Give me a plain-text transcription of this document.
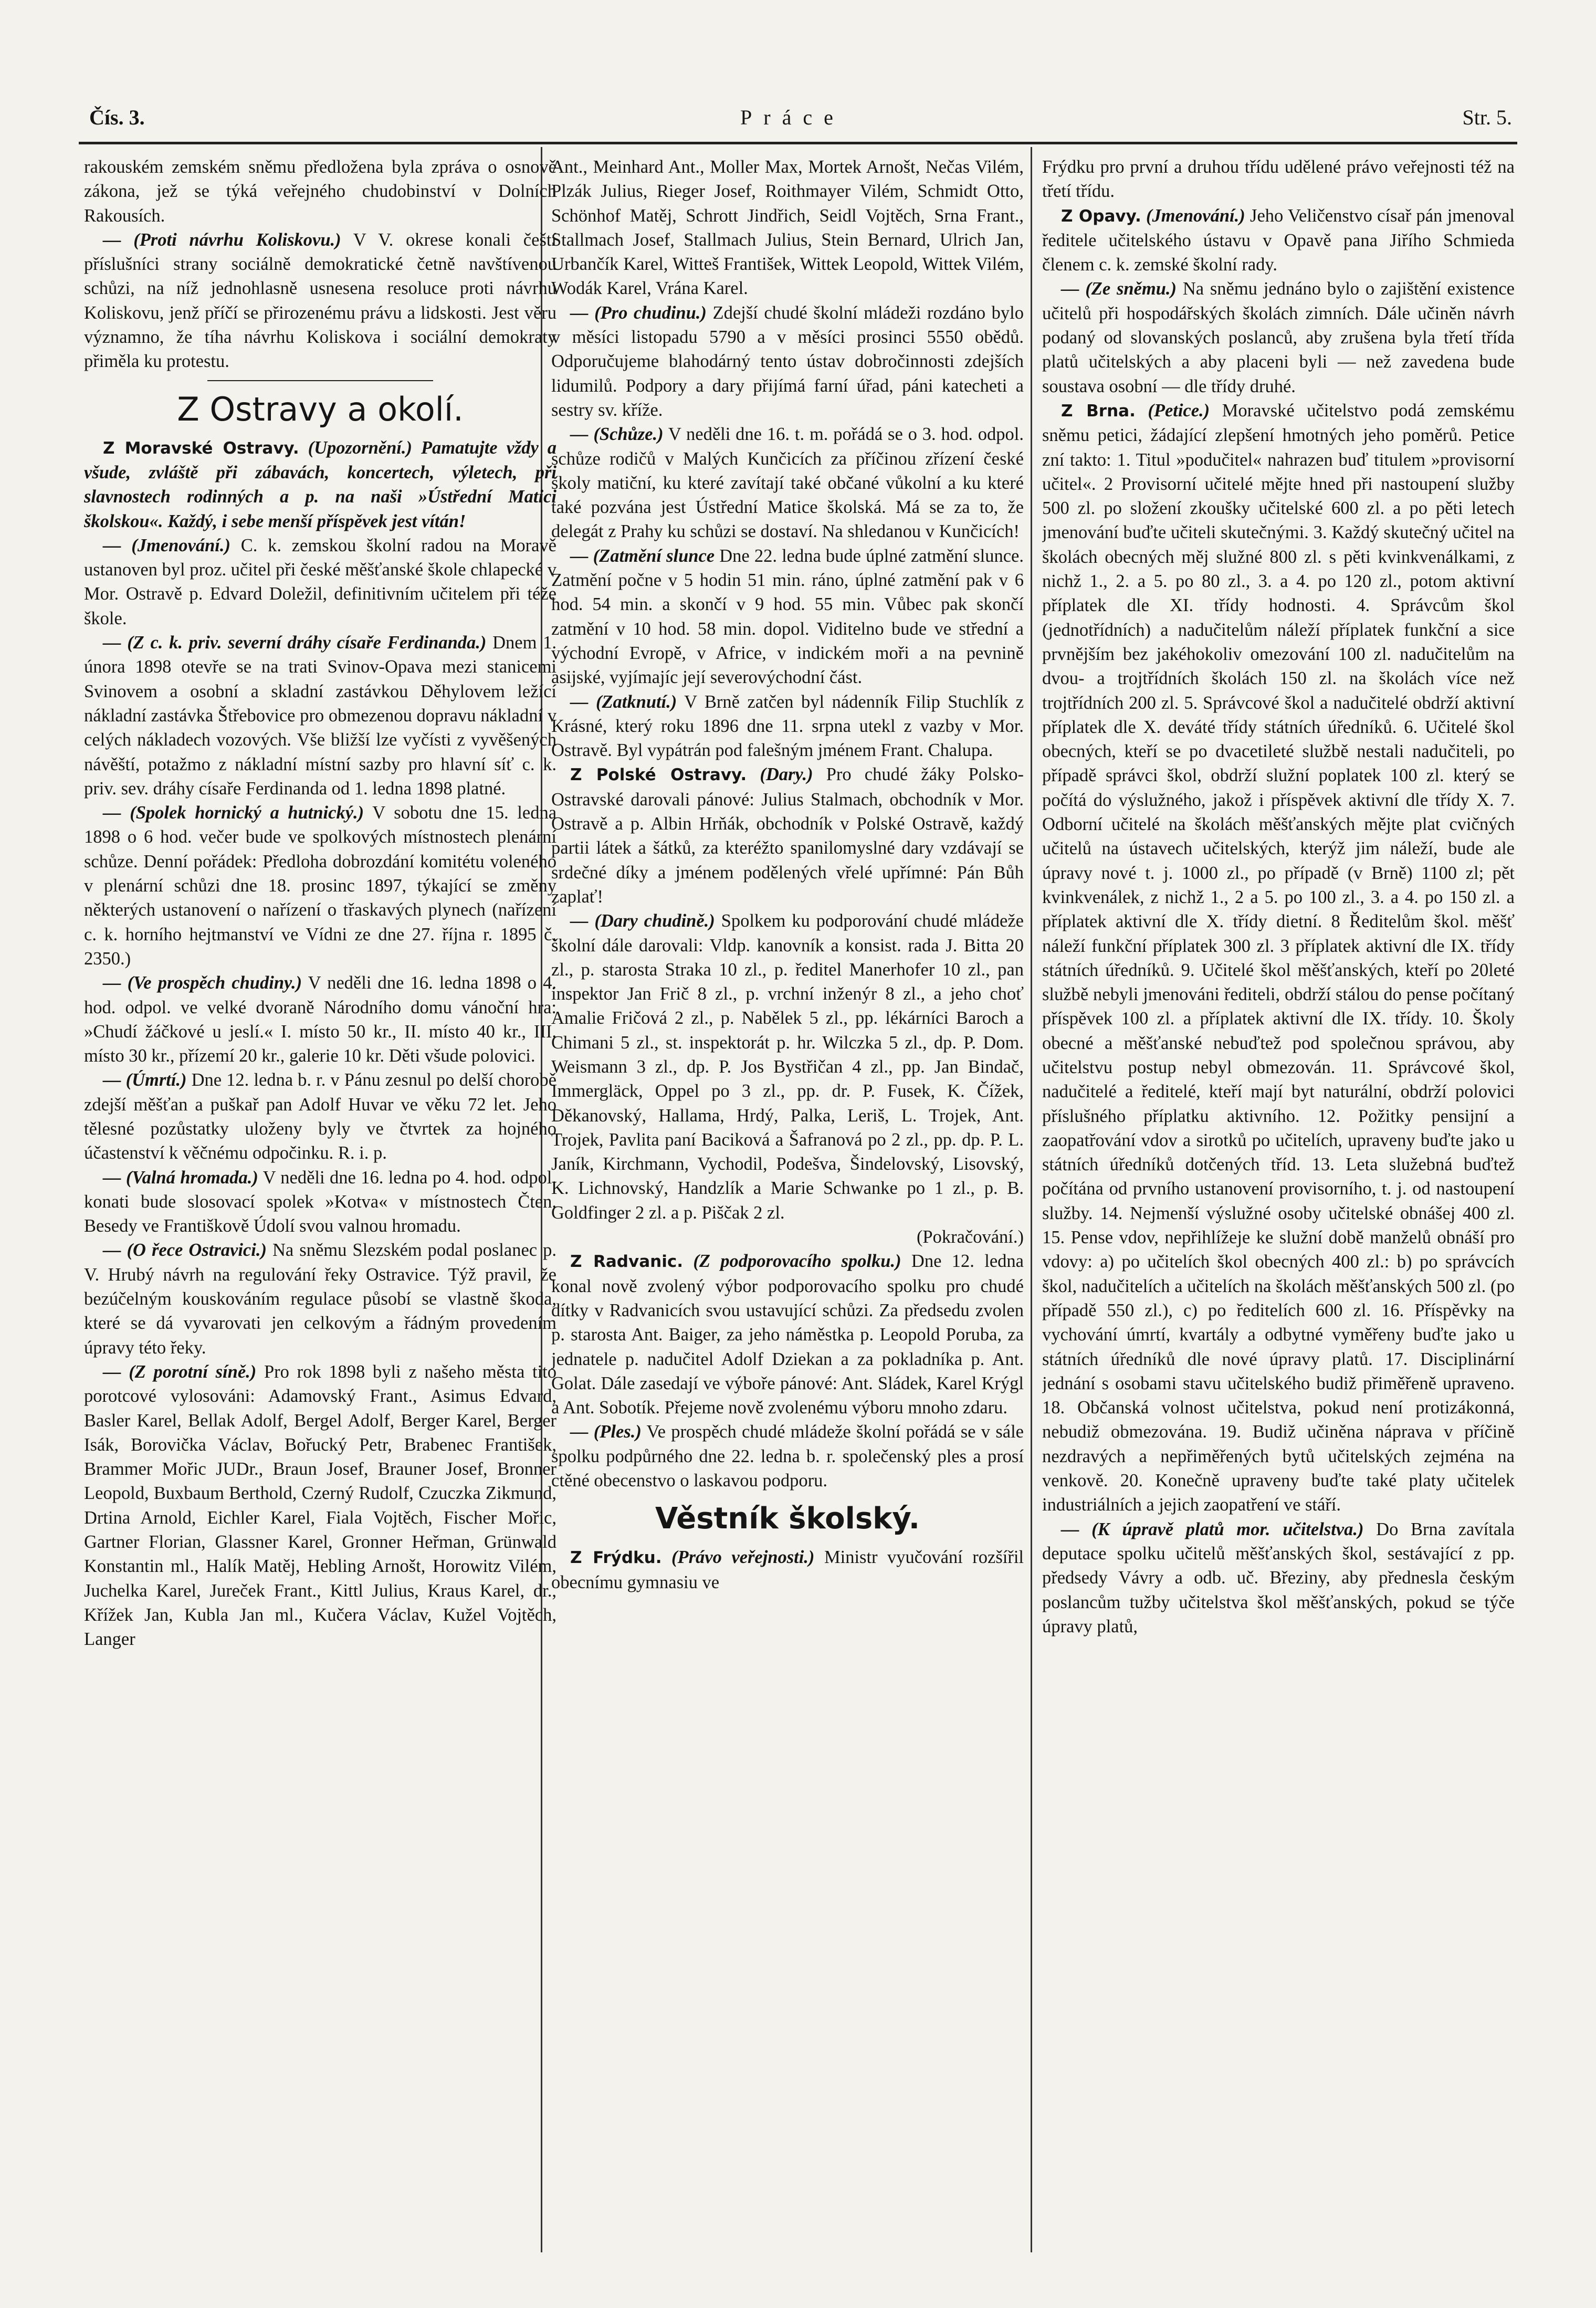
Čís. 3.	Práce	Str. 5.

rakouském zemském sněmu předložena byla zpráva o osnově zákona, jež se týká veřejného chudobinství v Dolních Rakousích.

— (Proti návrhu Koliskovu.) V V. okrese konali čeští příslušníci strany sociálně demokratické četně navštívenou schůzi, na níž jednohlasně usnesena resoluce proti návrhu Koliskovu, jenž příčí se přirozenému právu a lidskosti. Jest věru významno, že tíha návrhu Koliskova i sociální demokraty přiměla ku protestu.

Z Ostravy a okolí.

Z Moravské Ostravy. (Upozornění.) Pamatujte vždy a všude, zvláště při zábavách, koncertech, výletech, při slavnostech rodinných a p. na naši »Ústřední Matici školskou«. Každý, i sebe menší příspěvek jest vítán!

— (Jmenování.) C. k. zemskou školní radou na Moravě ustanoven byl proz. učitel při české měšťanské škole chlapecké v Mor. Ostravě p. Edvard Doležil, definitivním učitelem při téže škole.

— (Z c. k. priv. severní dráhy císaře Ferdinanda.) Dnem 1. února 1898 otevře se na trati Svinov-Opava mezi stanicemi Svinovem a osobní a skladní zastávkou Děhylovem ležící nákladní zastávka Štřebovice pro obmezenou dopravu nákladní v celých nákladech vozových. Vše bližší lze vyčísti z vyvěšených návěští, potažmo z nákladní místní sazby pro hlavní síť c. k. priv. sev. dráhy císaře Ferdinanda od 1. ledna 1898 platné.

— (Spolek hornický a hutnický.) V sobotu dne 15. ledna 1898 o 6 hod. večer bude ve spolkových místnostech plenární schůze. Denní pořádek: Předloha dobrozdání komitétu voleného v plenární schůzi dne 18. prosinc 1897, týkající se změny některých ustanovení o nařízení o třaskavých plynech (nařízení c. k. horního hejtmanství ve Vídni ze dne 27. října r. 1895 č. 2350.)

— (Ve prospěch chudiny.) V neděli dne 16. ledna 1898 o 4. hod. odpol. ve velké dvoraně Národního domu vánoční hra: »Chudí žáčkové u jeslí.« I. místo 50 kr., II. místo 40 kr., III. místo 30 kr., přízemí 20 kr., galerie 10 kr. Děti všude polovici.

— (Úmrtí.) Dne 12. ledna b. r. v Pánu zesnul po delší chorobě zdejší měšťan a puškař pan Adolf Huvar ve věku 72 let. Jeho tělesné pozůstatky uloženy byly ve čtvrtek za hojného účastenství k věčnému odpočinku. R. i. p.

— (Valná hromada.) V neděli dne 16. ledna po 4. hod. odpol. konati bude slosovací spolek »Kotva« v místnostech Čten. Besedy ve Františkově Údolí svou valnou hromadu.

— (O řece Ostravici.) Na sněmu Slezském podal poslanec p. V. Hrubý návrh na regulování řeky Ostravice. Týž pravil, že bezúčelným kouskováním regulace působí se vlastně škoda, které se dá vyvarovati jen celkovým a řádným provedením úpravy této řeky.

— (Z porotní síně.) Pro rok 1898 byli z našeho města tito porotcové vylosováni: Adamovský Frant., Asimus Edvard, Basler Karel, Bellak Adolf, Bergel Adolf, Berger Karel, Berger Isák, Borovička Václav, Bořucký Petr, Brabenec František, Brammer Mořic JUDr., Braun Josef, Brauner Josef, Bronner Leopold, Buxbaum Berthold, Czerný Rudolf, Czuczka Zikmund, Drtina Arnold, Eichler Karel, Fiala Vojtěch, Fischer Mořic, Gartner Florian, Glassner Karel, Gronner Heřman, Grünwald Konstantin ml., Halík Matěj, Hebling Arnošt, Horowitz Vilém, Juchelka Karel, Jureček Frant., Kittl Julius, Kraus Karel, dr., Křížek Jan, Kubla Jan ml., Kučera Václav, Kužel Vojtěch, Langer

Ant., Meinhard Ant., Moller Max, Mortek Arnošt, Nečas Vilém, Plzák Julius, Rieger Josef, Roithmayer Vilém, Schmidt Otto, Schönhof Matěj, Schrott Jindřich, Seidl Vojtěch, Srna Frant., Stallmach Josef, Stallmach Julius, Stein Bernard, Ulrich Jan, Urbančík Karel, Witteš František, Wittek Leopold, Wittek Vilém, Wodák Karel, Vrána Karel.

— (Pro chudinu.) Zdejší chudé školní mládeži rozdáno bylo v měsíci listopadu 5790 a v měsíci prosinci 5550 obědů. Odporučujeme blahodárný tento ústav dobročinnosti zdejších lidumilů. Podpory a dary přijímá farní úřad, páni katecheti a sestry sv. kříže.

— (Schůze.) V neděli dne 16. t. m. pořádá se o 3. hod. odpol. schůze rodičů v Malých Kunčicích za příčinou zřízení české školy matiční, ku které zavítají také občané vůkolní a ku které také pozvána jest Ústřední Matice školská. Má se za to, že delegát z Prahy ku schůzi se dostaví. Na shledanou v Kunčicích!

— (Zatmění slunce Dne 22. ledna bude úplné zatmění slunce. Zatmění počne v 5 hodin 51 min. ráno, úplné zatmění pak v 6 hod. 54 min. a skončí v 9 hod. 55 min. Vůbec pak skončí zatmění v 10 hod. 58 min. dopol. Viditelno bude ve střední a východní Evropě, v Africe, v indickém moři a na pevnině asijské, vyjímajíc její severovýchodní část.

— (Zatknutí.) V Brně zatčen byl nádenník Filip Stuchlík z Krásné, který roku 1896 dne 11. srpna utekl z vazby v Mor. Ostravě. Byl vypátrán pod falešným jménem Frant. Chalupa.

Z Polské Ostravy. (Dary.) Pro chudé žáky Polsko-Ostravské darovali pánové: Julius Stalmach, obchodník v Mor. Ostravě a p. Albin Hrňák, obchodník v Polské Ostravě, každý partii látek a šátků, za kteréžto spanilomyslné dary vzdávají se srdečné díky a jménem podělených vřelé upřímné: Pán Bůh zaplať!

— (Dary chudině.) Spolkem ku podporování chudé mládeže školní dále darovali: Vldp. kanovník a konsist. rada J. Bitta 20 zl., p. starosta Straka 10 zl., p. ředitel Manerhofer 10 zl., pan inspektor Jan Frič 8 zl., p. vrchní inženýr 8 zl., a jeho choť Amalie Fričová 2 zl., p. Nabělek 5 zl., pp. lékárníci Baroch a Chimani 5 zl., st. inspektorát p. hr. Wilczka 5 zl., dp. P. Dom. Weismann 3 zl., dp. P. Jos Bystřičan 4 zl., pp. Jan Bindač, Immergläck, Oppel po 3 zl., pp. dr. P. Fusek, K. Čížek, Děkanovský, Hallama, Hrdý, Palka, Leriš, L. Trojek, Ant. Trojek, Pavlita paní Baciková a Šafranová po 2 zl., pp. dp. P. L. Janík, Kirchmann, Vychodil, Podešva, Šindelovský, Lisovský, K. Lichnovský, Handzlík a Marie Schwanke po 1 zl., p. B. Goldfinger 2 zl. a p. Piščak 2 zl.

(Pokračování.)

Z Radvanic. (Z podporovacího spolku.) Dne 12. ledna konal nově zvolený výbor podporovacího spolku pro chudé dítky v Radvanicích svou ustavující schůzi. Za předsedu zvolen p. starosta Ant. Baiger, za jeho náměstka p. Leopold Poruba, za jednatele p. nadučitel Adolf Dziekan a za pokladníka p. Ant. Golat. Dále zasedají ve výboře pánové: Ant. Sládek, Karel Krýgl a Ant. Sobotík. Přejeme nově zvolenému výboru mnoho zdaru.

— (Ples.) Ve prospěch chudé mládeže školní pořádá se v sále spolku podpůrného dne 22. ledna b. r. společenský ples a prosí ctěné obecenstvo o laskavou podporu.

Věstník školský.

Z Frýdku. (Právo veřejnosti.) Ministr vyučování rozšířil obecnímu gymnasiu ve

Frýdku pro první a druhou třídu udělené právo veřejnosti též na třetí třídu.

Z Opavy. (Jmenování.) Jeho Veličenstvo císař pán jmenoval ředitele učitelského ústavu v Opavě pana Jiřího Schmieda členem c. k. zemské školní rady.

— (Ze sněmu.) Na sněmu jednáno bylo o zajištění existence učitelů při hospodářských školách zimních. Dále učiněn návrh podaný od slovanských poslanců, aby zrušena byla třetí třída platů učitelských a aby placeni byli — než zavedena bude soustava osobní — dle třídy druhé.

Z Brna. (Petice.) Moravské učitelstvo podá zemskému sněmu petici, žádající zlepšení hmotných jeho poměrů. Petice zní takto: 1. Titul »podučitel« nahrazen buď titulem »provisorní učitel«. 2 Provisorní učitelé mějte hned při nastoupení služby 500 zl. po složení zkoušky učitelské 600 zl. a po pěti letech jmenování buďte učiteli skutečnými. 3. Každý skutečný učitel na školách obecných měj služné 800 zl. s pěti kvinkvenálkami, z nichž 1., 2. a 5. po 80 zl., 3. a 4. po 120 zl., potom aktivní příplatek dle XI. třídy hodnosti. 4. Správcům škol (jednotřídních) a nadučitelům náleží příplatek funkční a sice prvnějším bez jakéhokoliv omezování 100 zl. nadučitelům na dvou- a trojtřídních školách 150 zl. na školách více než trojtřídních 200 zl. 5. Správcové škol a nadučitelé obdrží aktivní příplatek dle X. deváté třídy státních úředníků. 6. Učitelé škol obecných, kteří se po dvacetileté službě nestali nadučiteli, po případě správci škol, obdrží služní poplatek 100 zl. který se počítá do výslužného, jakož i příspěvek aktivní dle třídy X. 7. Odborní učitelé na školách měšťanských mějte plat cvičných učitelů na ústavech učitelských, kterýž jim náleží, bude ale úpravy nové t. j. 1000 zl., po případě (v Brně) 1100 zl; pět kvinkvenálek, z nichž 1., 2 a 5. po 100 zl., 3. a 4. po 150 zl. a příplatek aktivní dle X. třídy dietní. 8 Ředitelům škol. měšť náleží funkční příplatek 300 zl. 3 příplatek aktivní dle IX. třídy státních úředníků. 9. Učitelé škol měšťanských, kteří po 20leté službě nebyli jmenováni řediteli, obdrží stálou do pense počítaný příspěvek 100 zl. a příplatek aktivní dle IX. třídy. 10. Školy obecné a měšťanské nebuďtež pod společnou správou, aby učitelstvu postup nebyl obmezován. 11. Správcové škol, nadučitelé a ředitelé, kteří mají byt naturální, obdrží polovici příslušného příplatku aktivního. 12. Požitky pensijní a zaopatřování vdov a sirotků po učitelích, upraveny buďte jako u státních úředníků dotčených tříd. 13. Leta služebná buďtež počítána od prvního ustanovení provisorního, t. j. od nastoupení služby. 14. Nejmenší výslužné osoby učitelské obnášej 400 zl. 15. Pense vdov, nepřihlížeje ke služní době manželů obnáší pro vdovy: a) po učitelích škol obecných 400 zl.: b) po správcích škol, nadučitelích a učitelích na školách měšťanských 500 zl. (po případě 550 zl.), c) po ředitelích 600 zl. 16. Příspěvky na vychování úmrtí, kvartály a odbytné vyměřeny buďte jako u státních úředníků dle nové úpravy platů. 17. Disciplinární jednání s osobami stavu učitelského budiž přiměřeně upraveno. 18. Občanská volnost učitelstva, pokud není protizákonná, nebudiž obmezována. 19. Budiž učiněna náprava v příčině nezdravých a nepřiměřených bytů učitelských zejména na venkově. 20. Konečně upraveny buďte také platy učitelek industriálních a jejich zaopatření ve stáří.

— (K úpravě platů mor. učitelstva.) Do Brna zavítala deputace spolku učitelů měšťanských škol, sestávající z pp. předsedy Vávry a odb. uč. Březiny, aby přednesla českým poslancům tužby učitelstva škol měšťanských, pokud se týče úpravy platů,
